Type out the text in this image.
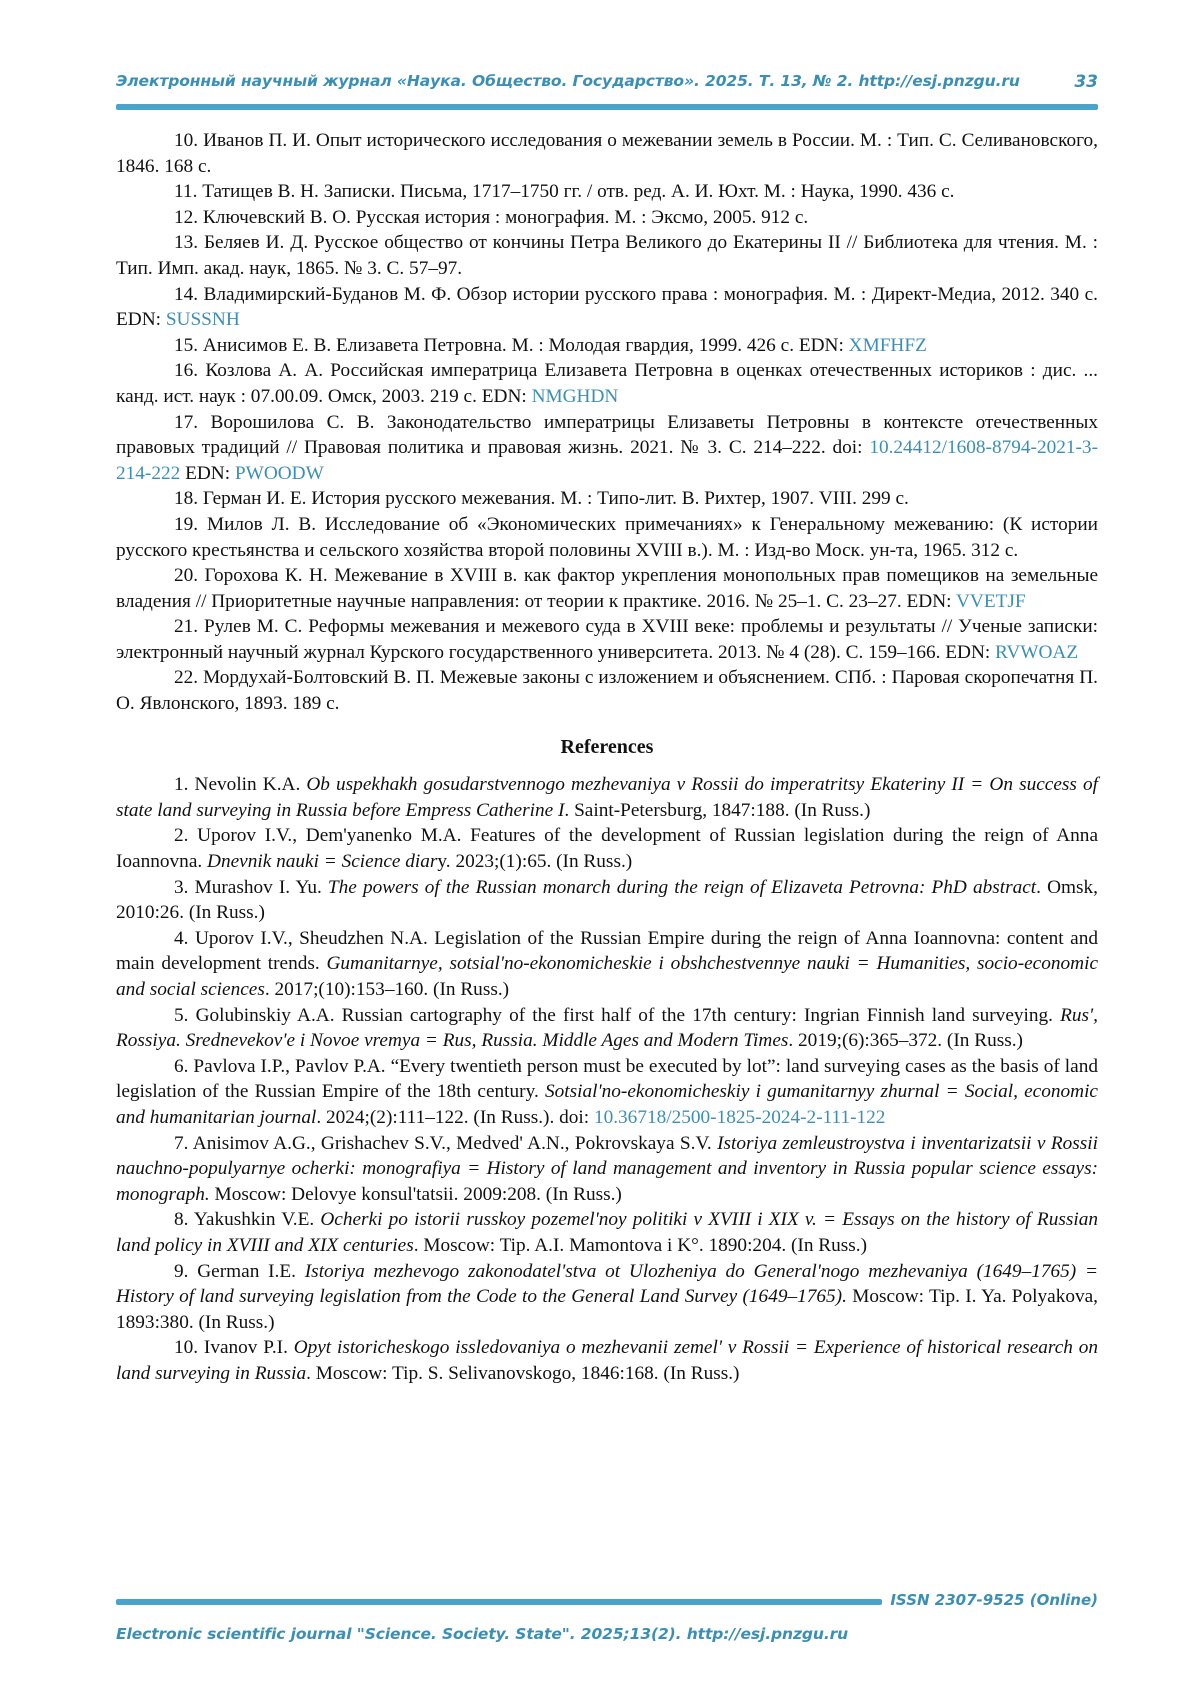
Электронный научный журнал «Наука. Общество. Государство». 2025. Т. 13, № 2. http://esj.pnzgu.ru	33

10. Иванов П. И. Опыт исторического исследования о межевании земель в России. М. : Тип. С. Селивановского, 1846. 168 с.

11. Татищев В. Н. Записки. Письма, 1717–1750 гг. / отв. ред. А. И. Юхт. М. : Наука, 1990. 436 с.

12. Ключевский В. О. Русская история : монография. М. : Эксмо, 2005. 912 с.

13. Беляев И. Д. Русское общество от кончины Петра Великого до Екатерины II // Библиотека для чтения. М. : Тип. Имп. акад. наук, 1865. № 3. С. 57–97.

14. Владимирский-Буданов М. Ф. Обзор истории русского права : монография. М. : Директ-Медиа, 2012. 340 с. EDN: SUSSNH

15. Анисимов Е. В. Елизавета Петровна. М. : Молодая гвардия, 1999. 426 с. EDN: XMFHFZ

16. Козлова А. А. Российская императрица Елизавета Петровна в оценках отечественных историков : дис. ... канд. ист. наук : 07.00.09. Омск, 2003. 219 с. EDN: NMGHDN

17. Ворошилова С. В. Законодательство императрицы Елизаветы Петровны в контексте отечественных правовых традиций // Правовая политика и правовая жизнь. 2021. № 3. С. 214–222. doi: 10.24412/1608-8794-2021-3-214-222 EDN: PWOODW

18. Герман И. Е. История русского межевания. М. : Типо-лит. В. Рихтер, 1907. VIII. 299 с.

19. Милов Л. В. Исследование об «Экономических примечаниях» к Генеральному межеванию: (К истории русского крестьянства и сельского хозяйства второй половины XVIII в.). М. : Изд-во Моск. ун-та, 1965. 312 с.

20. Горохова К. Н. Межевание в XVIII в. как фактор укрепления монопольных прав помещиков на земельные владения // Приоритетные научные направления: от теории к практике. 2016. № 25–1. С. 23–27. EDN: VVETJF

21. Рулев М. С. Реформы межевания и межевого суда в XVIII веке: проблемы и результаты // Ученые записки: электронный научный журнал Курского государственного университета. 2013. № 4 (28). С. 159–166. EDN: RVWOAZ

22. Мордухай-Болтовский В. П. Межевые законы с изложением и объяснением. СПб. : Паровая скоропечатня П. О. Явлонского, 1893. 189 с.

References

1. Nevolin K.A. Ob uspekhakh gosudarstvennogo mezhevaniya v Rossii do imperatritsy Ekateriny II = On success of state land surveying in Russia before Empress Catherine I. Saint-Petersburg, 1847:188. (In Russ.)

2. Uporov I.V., Dem'yanenko M.A. Features of the development of Russian legislation during the reign of Anna Ioannovna. Dnevnik nauki = Science diary. 2023;(1):65. (In Russ.)

3. Murashov I. Yu. The powers of the Russian monarch during the reign of Elizaveta Petrovna: PhD abstract. Omsk, 2010:26. (In Russ.)

4. Uporov I.V., Sheudzhen N.A. Legislation of the Russian Empire during the reign of Anna Ioannovna: content and main development trends. Gumanitarnye, sotsial'no-ekonomicheskie i obshchestvennye nauki = Humanities, socio-economic and social sciences. 2017;(10):153–160. (In Russ.)

5. Golubinskiy A.A. Russian cartography of the first half of the 17th century: Ingrian Finnish land surveying. Rus', Rossiya. Srednevekov'e i Novoe vremya = Rus, Russia. Middle Ages and Modern Times. 2019;(6):365–372. (In Russ.)

6. Pavlova I.P., Pavlov P.A. “Every twentieth person must be executed by lot”: land surveying cases as the basis of land legislation of the Russian Empire of the 18th century. Sotsial'no-ekonomicheskiy i gumanitarnyy zhurnal = Social, economic and humanitarian journal. 2024;(2):111–122. (In Russ.). doi: 10.36718/2500-1825-2024-2-111-122

7. Anisimov A.G., Grishachev S.V., Medved' A.N., Pokrovskaya S.V. Istoriya zemleustroystva i inventarizatsii v Rossii nauchno-populyarnye ocherki: monografiya = History of land management and inventory in Russia popular science essays: monograph. Moscow: Delovye konsul'tatsii. 2009:208. (In Russ.)

8. Yakushkin V.E. Ocherki po istorii russkoy pozemel'noy politiki v XVIII i XIX v. = Essays on the history of Russian land policy in XVIII and XIX centuries. Moscow: Tip. A.I. Mamontova i K°. 1890:204. (In Russ.)

9. German I.E. Istoriya mezhevogo zakonodatel'stva ot Ulozheniya do General'nogo mezhevaniya (1649–1765) = History of land surveying legislation from the Code to the General Land Survey (1649–1765). Moscow: Tip. I. Ya. Polyakova, 1893:380. (In Russ.)

10. Ivanov P.I. Opyt istoricheskogo issledovaniya o mezhevanii zemel' v Rossii = Experience of historical research on land surveying in Russia. Moscow: Tip. S. Selivanovskogo, 1846:168. (In Russ.)

ISSN 2307-9525 (Online)
Electronic scientific journal "Science. Society. State". 2025;13(2). http://esj.pnzgu.ru
